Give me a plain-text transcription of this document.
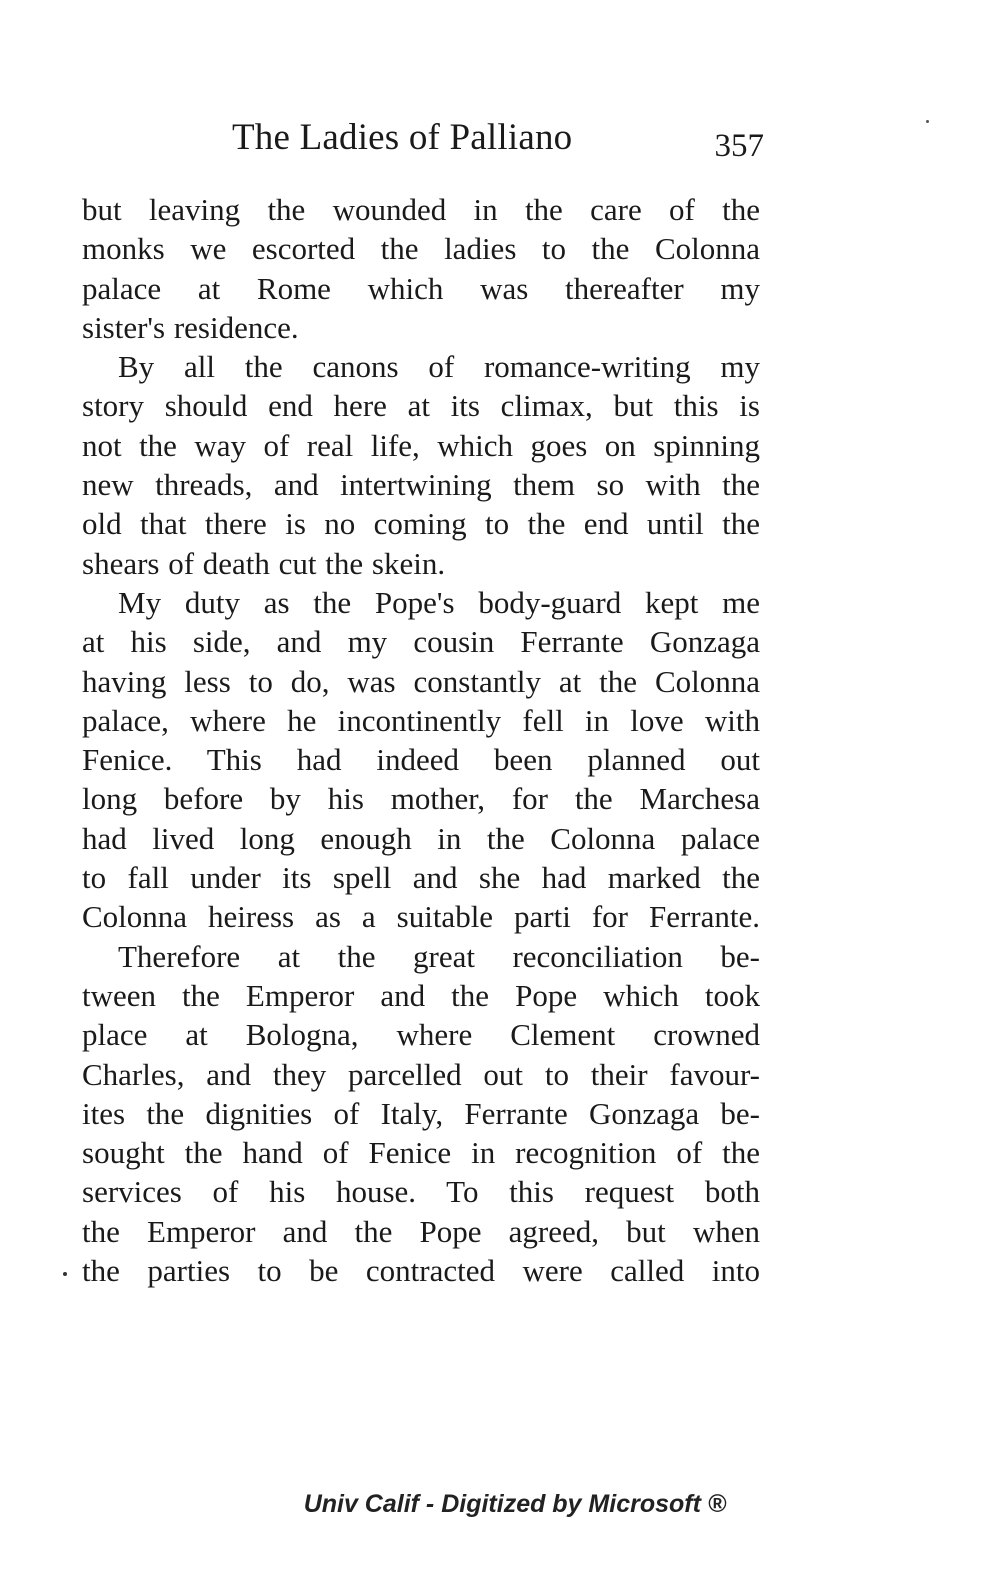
The Ladies of Palliano	357
but leaving the wounded in the care of the
monks we escorted the ladies to the Colonna
palace at Rome which was thereafter my
sister's residence.
By all the canons of romance-writing my
story should end here at its climax, but this is
not the way of real life, which goes on spinning
new threads, and intertwining them so with the
old that there is no coming to the end until the
shears of death cut the skein.
My duty as the Pope's body-guard kept me
at his side, and my cousin Ferrante Gonzaga
having less to do, was constantly at the Colonna
palace, where he incontinently fell in love with
Fenice. This had indeed been planned out
long before by his mother, for the Marchesa
had lived long enough in the Colonna palace
to fall under its spell and she had marked the
Colonna heiress as a suitable parti for Ferrante.
Therefore at the great reconciliation be-
tween the Emperor and the Pope which took
place at Bologna, where Clement crowned
Charles, and they parcelled out to their favour-
ites the dignities of Italy, Ferrante Gonzaga be-
sought the hand of Fenice in recognition of the
services of his house. To this request both
the Emperor and the Pope agreed, but when
the parties to be contracted were called into
Univ Calif - Digitized by Microsoft ®
